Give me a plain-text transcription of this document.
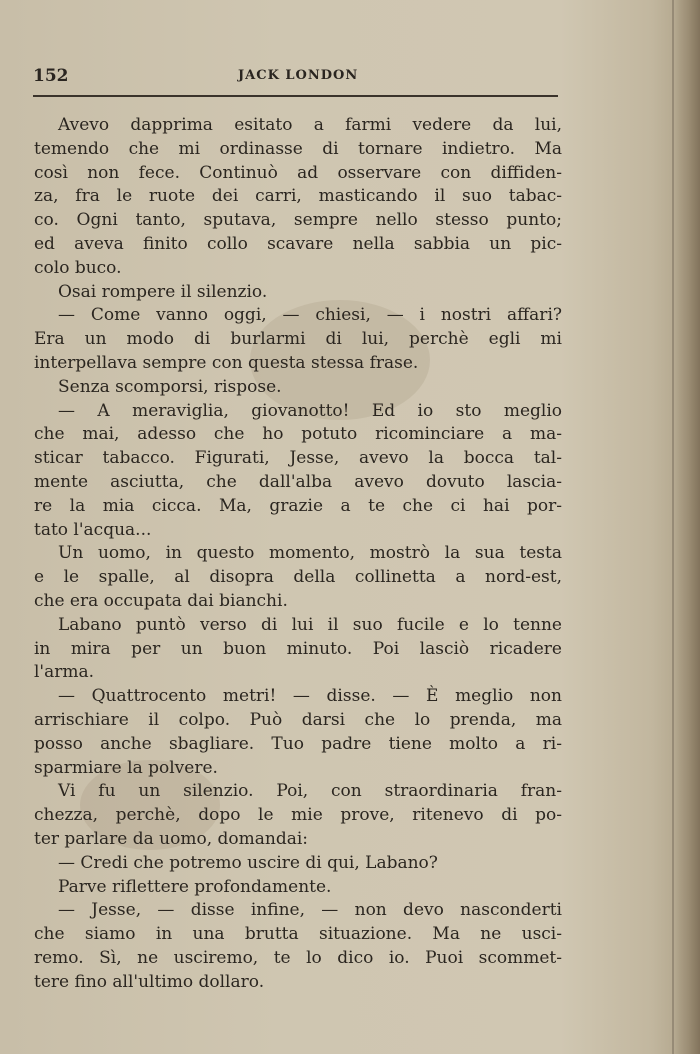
152	JACK LONDON
Avevo dapprima esitato a farmi vedere da lui,
temendo che mi ordinasse di tornare indietro. Ma
così non fece. Continuò ad osservare con diffiden-
za, fra le ruote dei carri, masticando il suo tabac-
co. Ogni tanto, sputava, sempre nello stesso punto;
ed aveva finito collo scavare nella sabbia un pic-
colo buco.
Osai rompere il silenzio.
— Come vanno oggi, — chiesi, — i nostri affari?
Era un modo di burlarmi di lui, perchè egli mi
interpellava sempre con questa stessa frase.
Senza scomporsi, rispose.
— A meraviglia, giovanotto! Ed io sto meglio
che mai, adesso che ho potuto ricominciare a ma-
sticar tabacco. Figurati, Jesse, avevo la bocca tal-
mente asciutta, che dall'alba avevo dovuto lascia-
re la mia cicca. Ma, grazie a te che ci hai por-
tato l'acqua...
Un uomo, in questo momento, mostrò la sua testa
e le spalle, al disopra della collinetta a nord-est,
che era occupata dai bianchi.
Labano puntò verso di lui il suo fucile e lo tenne
in mira per un buon minuto. Poi lasciò ricadere
l'arma.
— Quattrocento metri! — disse. — È meglio non
arrischiare il colpo. Può darsi che lo prenda, ma
posso anche sbagliare. Tuo padre tiene molto a ri-
sparmiare la polvere.
Vi fu un silenzio. Poi, con straordinaria fran-
chezza, perchè, dopo le mie prove, ritenevo di po-
ter parlare da uomo, domandai:
— Credi che potremo uscire di qui, Labano?
Parve riflettere profondamente.
— Jesse, — disse infine, — non devo nasconderti
che siamo in una brutta situazione. Ma ne usci-
remo. Sì, ne usciremo, te lo dico io. Puoi scommet-
tere fino all'ultimo dollaro.
